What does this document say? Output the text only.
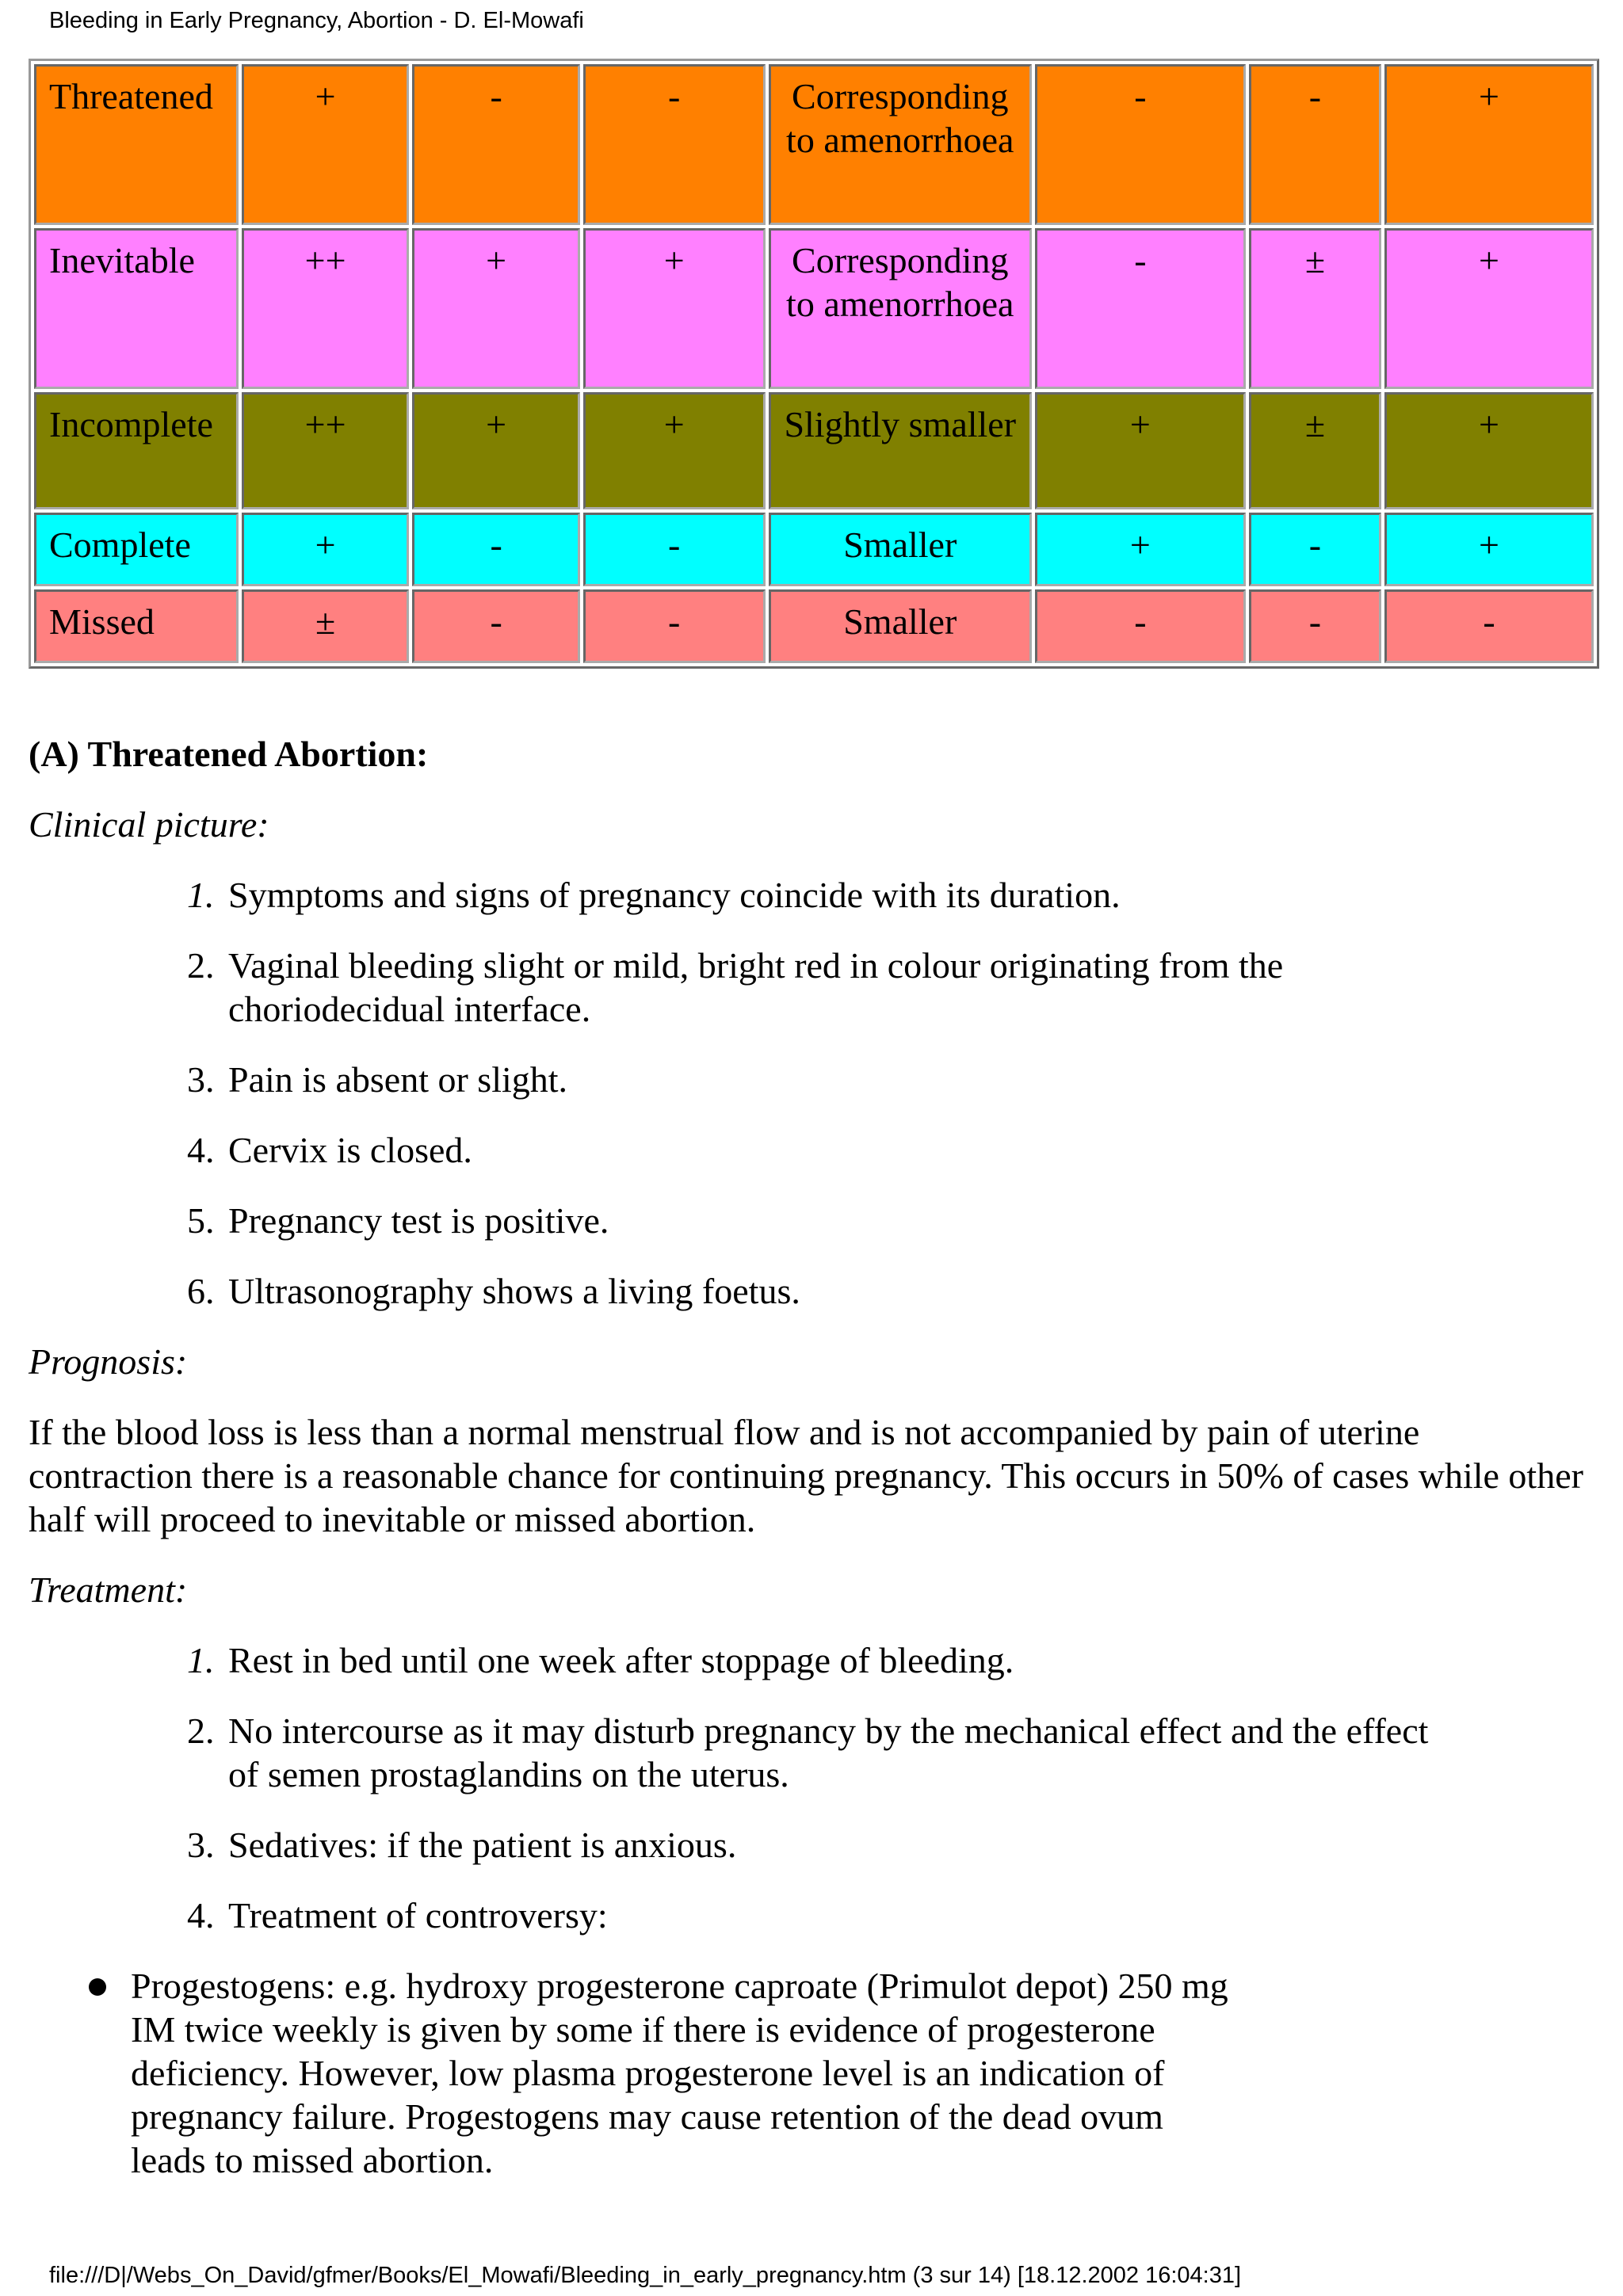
Bleeding in Early Pregnancy, Abortion - D. El-Mowafi
Threatened	+	-	-	Corresponding to amenorrhoea	-	-	+
Inevitable	++	+	+	Corresponding to amenorrhoea	-	±	+
Incomplete	++	+	+	Slightly smaller	+	±	+
Complete	+	-	-	Smaller	+	-	+
Missed	±	-	-	Smaller	-	-	-
(A) Threatened Abortion:
Clinical picture:
1. Symptoms and signs of pregnancy coincide with its duration.
2. Vaginal bleeding slight or mild, bright red in colour originating from the choriodecidual interface.
3. Pain is absent or slight.
4. Cervix is closed.
5. Pregnancy test is positive.
6. Ultrasonography shows a living foetus.
Prognosis:

If the blood loss is less than a normal menstrual flow and is not accompanied by pain of uterine contraction there is a reasonable chance for continuing pregnancy. This occurs in 50% of cases while other half will proceed to inevitable or missed abortion.

Treatment:
1. Rest in bed until one week after stoppage of bleeding.
2. No intercourse as it may disturb pregnancy by the mechanical effect and the effect of semen prostaglandins on the uterus.
3. Sedatives: if the patient is anxious.
4. Treatment of controversy:
Progestogens: e.g. hydroxy progesterone caproate (Primulot depot) 250 mg IM twice weekly is given by some if there is evidence of progesterone deficiency. However, low plasma progesterone level is an indication of pregnancy failure. Progestogens may cause retention of the dead ovum leads to missed abortion.
file:///D|/Webs_On_David/gfmer/Books/El_Mowafi/Bleeding_in_early_pregnancy.htm (3 sur 14) [18.12.2002 16:04:31]
